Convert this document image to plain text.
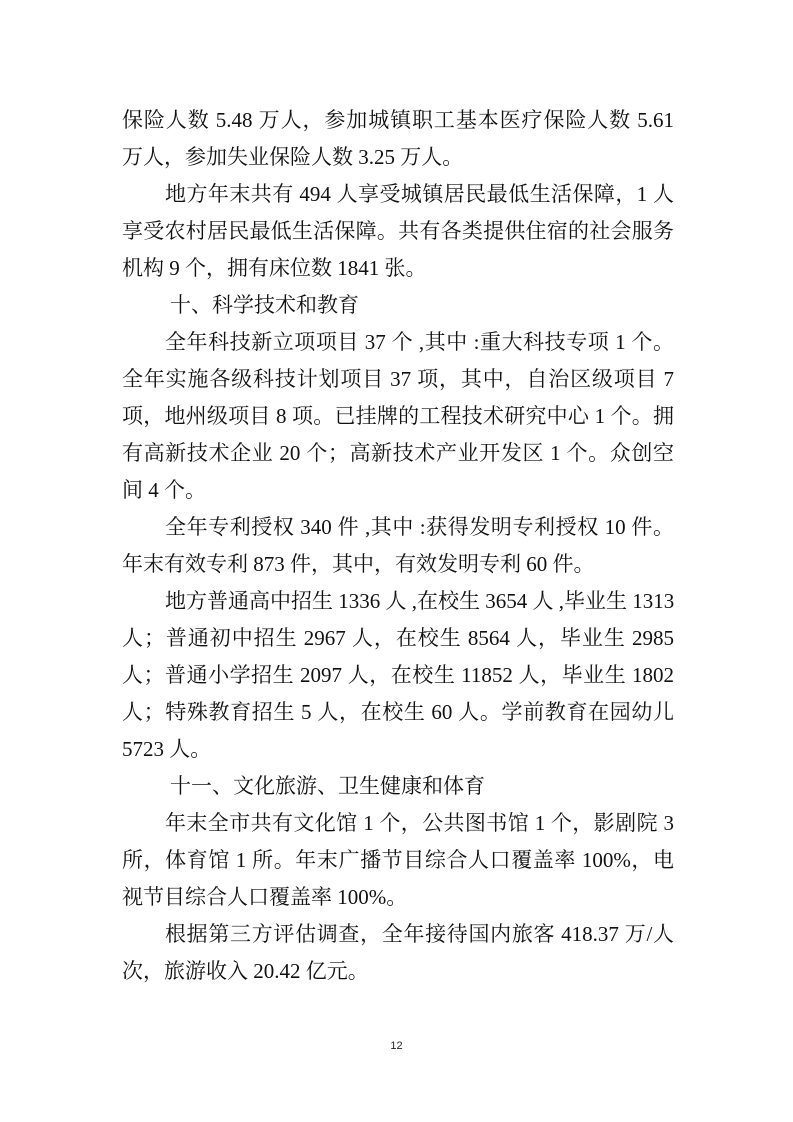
保险人数 5.48 万人，参加城镇职工基本医疗保险人数 5.61
万人，参加失业保险人数 3.25 万人。
地方年末共有 494 人享受城镇居民最低生活保障，1 人
享受农村居民最低生活保障。共有各类提供住宿的社会服务
机构 9 个，拥有床位数 1841 张。
十、科学技术和教育
全年科技新立项项目 37 个 ,其中 :重大科技专项 1 个。
全年实施各级科技计划项目 37 项，其中，自治区级项目 7
项，地州级项目 8 项。已挂牌的工程技术研究中心 1 个。拥
有高新技术企业 20 个；高新技术产业开发区 1 个。众创空
间 4 个。
全年专利授权 340 件 ,其中 :获得发明专利授权 10 件。
年末有效专利 873 件，其中，有效发明专利 60 件。
地方普通高中招生 1336 人 ,在校生 3654 人 ,毕业生 1313
人；普通初中招生 2967 人，在校生 8564 人，毕业生 2985
人；普通小学招生 2097 人，在校生 11852 人，毕业生 1802
人；特殊教育招生 5 人，在校生 60 人。学前教育在园幼儿
5723 人。
十一、文化旅游、卫生健康和体育
年末全市共有文化馆 1 个，公共图书馆 1 个，影剧院 3
所，体育馆 1 所。年末广播节目综合人口覆盖率 100%，电
视节目综合人口覆盖率 100%。
根据第三方评估调查，全年接待国内旅客 418.37 万/人
次，旅游收入 20.42 亿元。
12
